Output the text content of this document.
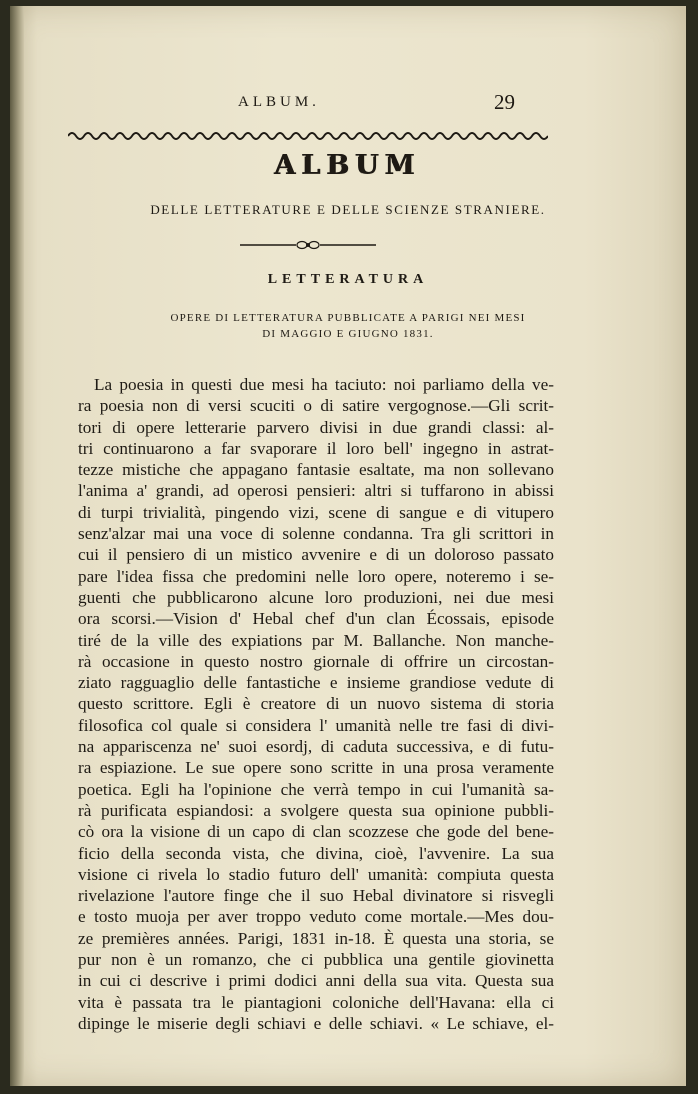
ALBUM.	29
ALBUM
DELLE LETTERATURE E DELLE SCIENZE STRANIERE.
LETTERATURA
OPERE DI LETTERATURA PUBBLICATE A PARIGI NEI MESI
DI MAGGIO E GIUGNO 1831.
La poesia in questi due mesi ha taciuto: noi parliamo della ve-
ra poesia non di versi scuciti o di satire vergognose.—Gli scrit-
tori di opere letterarie parvero divisi in due grandi classi: al-
tri continuarono a far svaporare il loro bell' ingegno in astrat-
tezze mistiche che appagano fantasie esaltate, ma non sollevano
l'anima a' grandi, ad operosi pensieri: altri si tuffarono in abissi
di turpi trivialità, pingendo vizi, scene di sangue e di vitupero
senz'alzar mai una voce di solenne condanna. Tra gli scrittori in
cui il pensiero di un mistico avvenire e di un doloroso passato
pare l'idea fissa che predomini nelle loro opere, noteremo i se-
guenti che pubblicarono alcune loro produzioni, nei due mesi
ora scorsi.—Vision d' Hebal chef d'un clan Écossais, episode
tiré de la ville des expiations par M. Ballanche. Non manche-
rà occasione in questo nostro giornale di offrire un circostan-
ziato ragguaglio delle fantastiche e insieme grandiose vedute di
questo scrittore. Egli è creatore di un nuovo sistema di storia
filosofica col quale si considera l' umanità nelle tre fasi di divi-
na appariscenza ne' suoi esordj, di caduta successiva, e di futu-
ra espiazione. Le sue opere sono scritte in una prosa veramente
poetica. Egli ha l'opinione che verrà tempo in cui l'umanità sa-
rà purificata espiandosi: a svolgere questa sua opinione pubbli-
cò ora la visione di un capo di clan scozzese che gode del bene-
ficio della seconda vista, che divina, cioè, l'avvenire. La sua
visione ci rivela lo stadio futuro dell' umanità: compiuta questa
rivelazione l'autore finge che il suo Hebal divinatore si risvegli
e tosto muoja per aver troppo veduto come mortale.—Mes dou-
ze premières années. Parigi, 1831 in-18. È questa una storia, se
pur non è un romanzo, che ci pubblica una gentile giovinetta
in cui ci descrive i primi dodici anni della sua vita. Questa sua
vita è passata tra le piantagioni coloniche dell'Havana: ella ci
dipinge le miserie degli schiavi e delle schiavi. « Le schiave, el-
